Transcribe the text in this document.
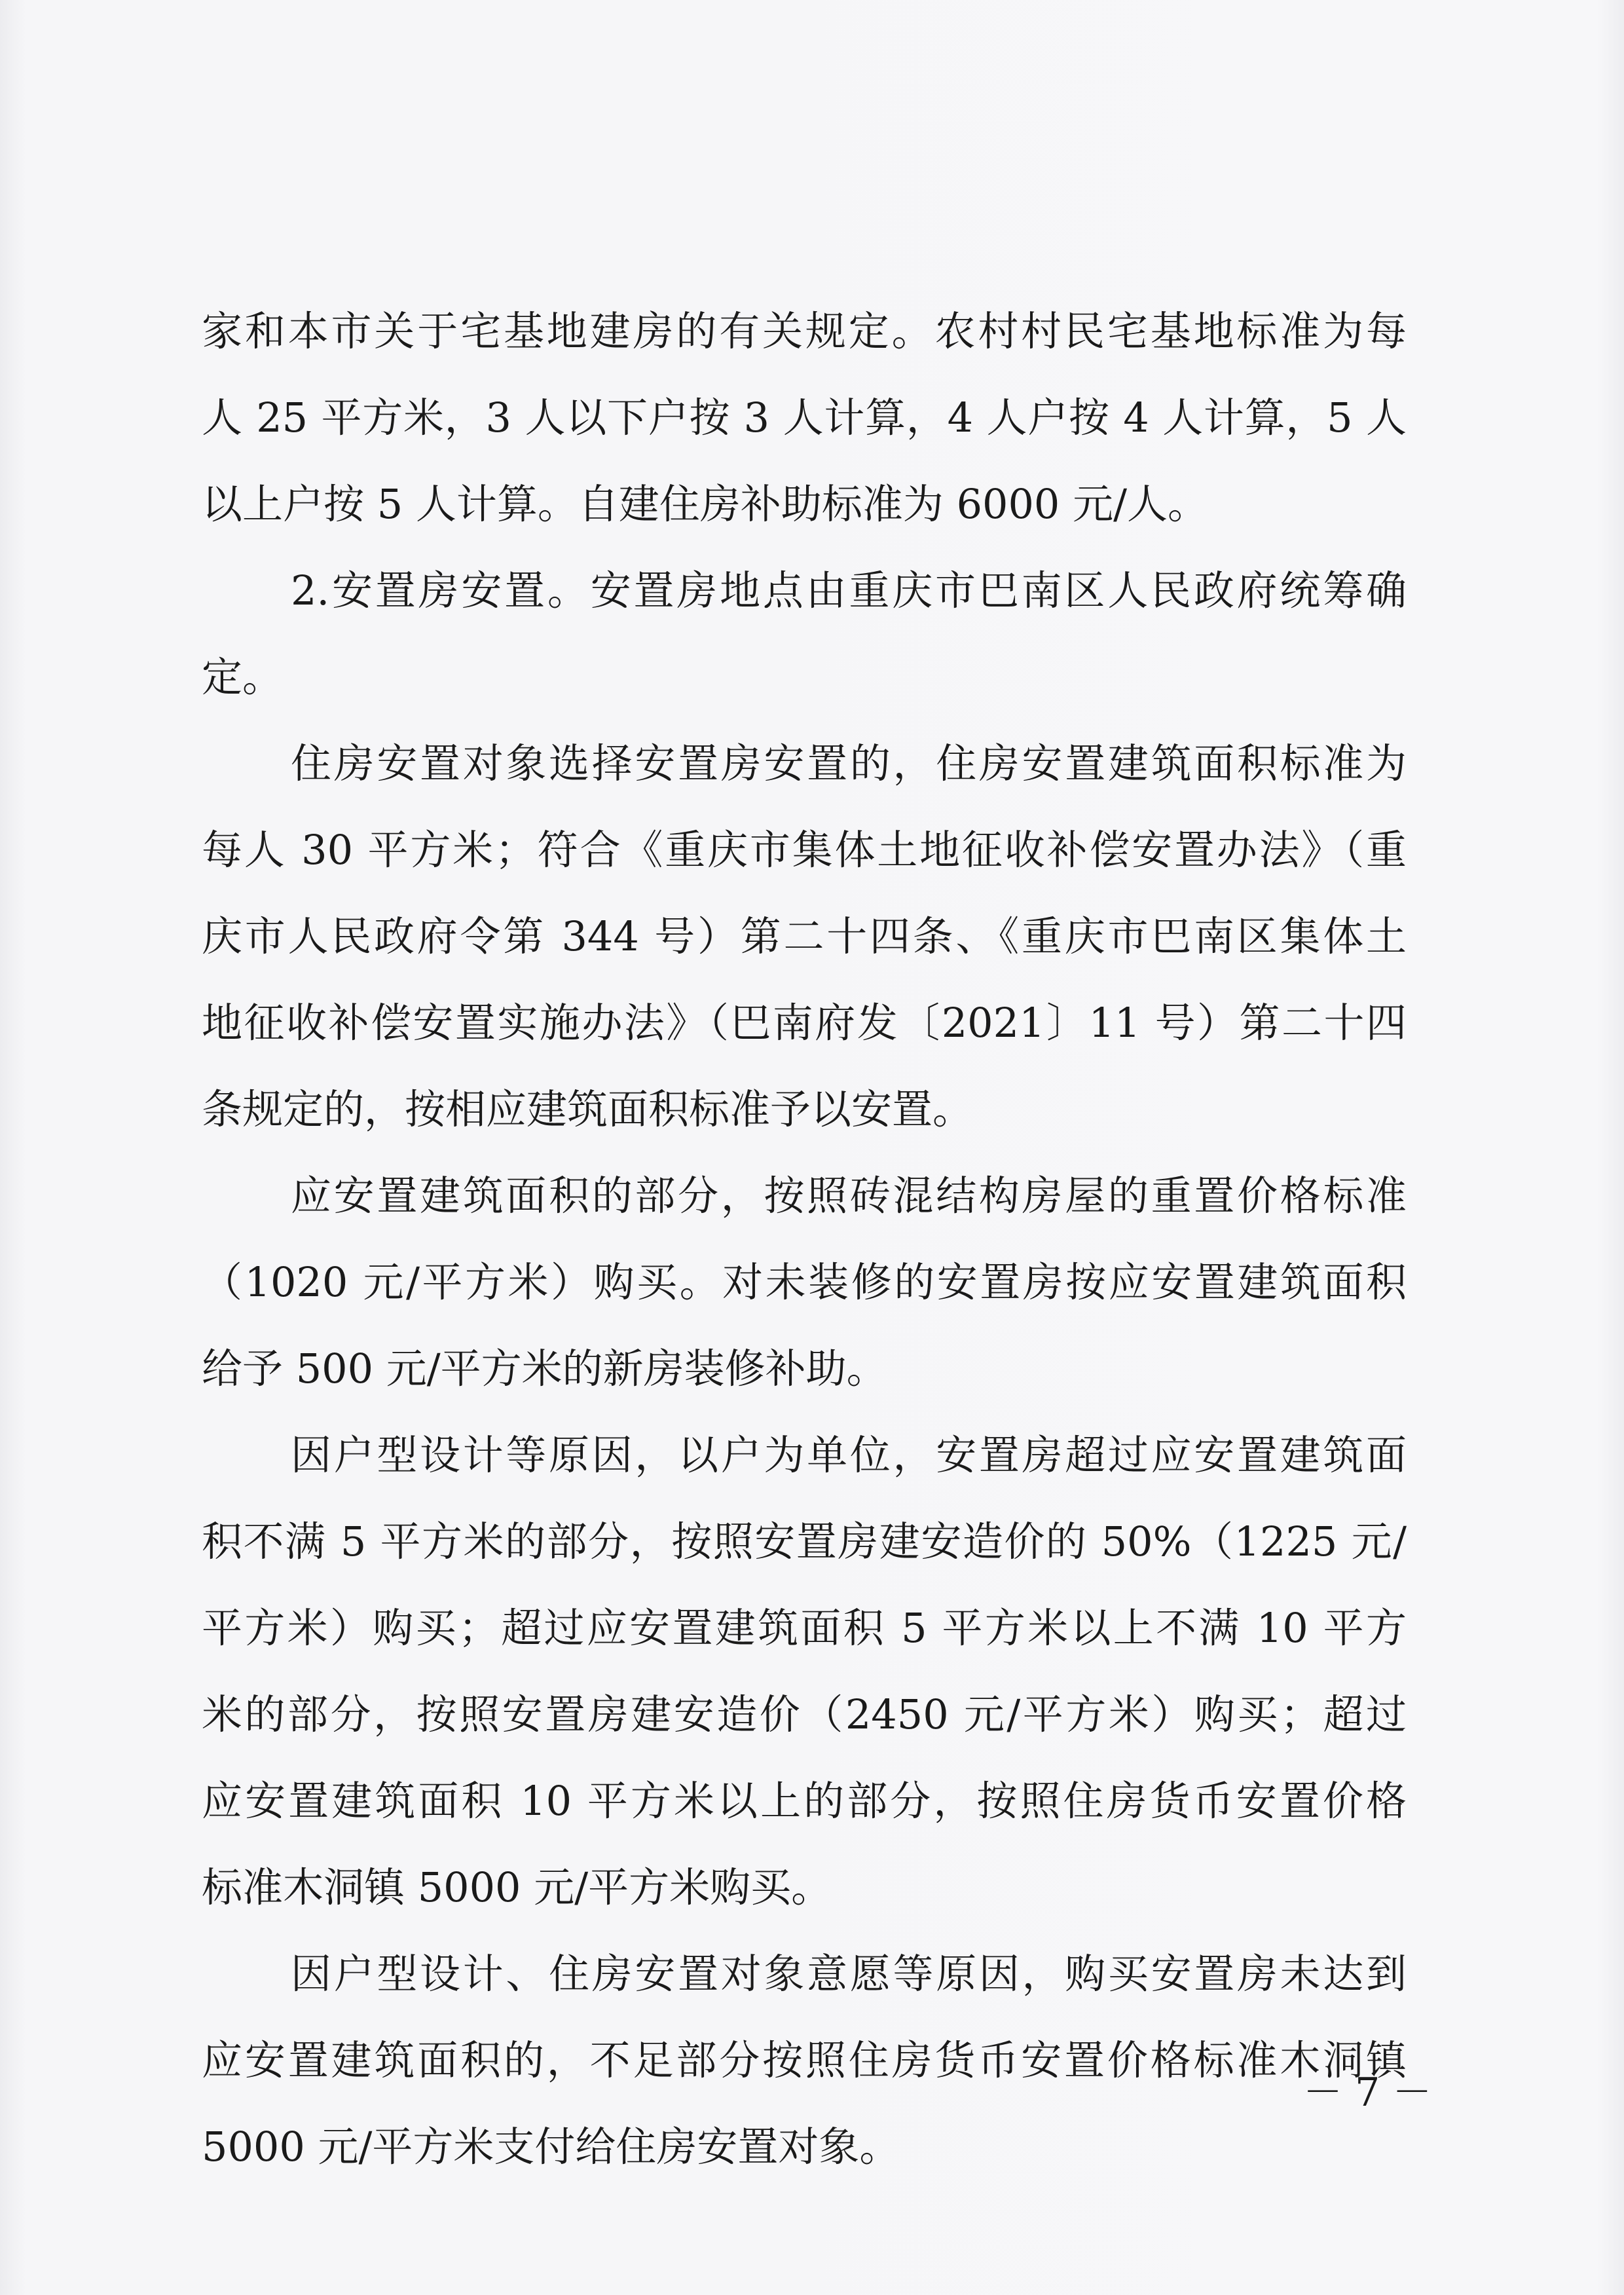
家和本市关于宅基地建房的有关规定。农村村民宅基地标准为每
人 25 平方米，3 人以下户按 3 人计算，4 人户按 4 人计算，5 人
以上户按 5 人计算。自建住房补助标准为 6000 元/人。
2.安置房安置。安置房地点由重庆市巴南区人民政府统筹确
定。
住房安置对象选择安置房安置的，住房安置建筑面积标准为
每人 30 平方米；符合《重庆市集体土地征收补偿安置办法》（重
庆市人民政府令第 344 号）第二十四条、《重庆市巴南区集体土
地征收补偿安置实施办法》（巴南府发〔2021〕11 号）第二十四
条规定的，按相应建筑面积标准予以安置。
应安置建筑面积的部分，按照砖混结构房屋的重置价格标准
（1020 元/平方米）购买。对未装修的安置房按应安置建筑面积
给予 500 元/平方米的新房装修补助。
因户型设计等原因，以户为单位，安置房超过应安置建筑面
积不满 5 平方米的部分，按照安置房建安造价的 50%（1225 元/
平方米）购买；超过应安置建筑面积 5 平方米以上不满 10 平方
米的部分，按照安置房建安造价（2450 元/平方米）购买；超过
应安置建筑面积 10 平方米以上的部分，按照住房货币安置价格
标准木洞镇 5000 元/平方米购买。
因户型设计、住房安置对象意愿等原因，购买安置房未达到
应安置建筑面积的，不足部分按照住房货币安置价格标准木洞镇
5000 元/平方米支付给住房安置对象。
－ 7 －
